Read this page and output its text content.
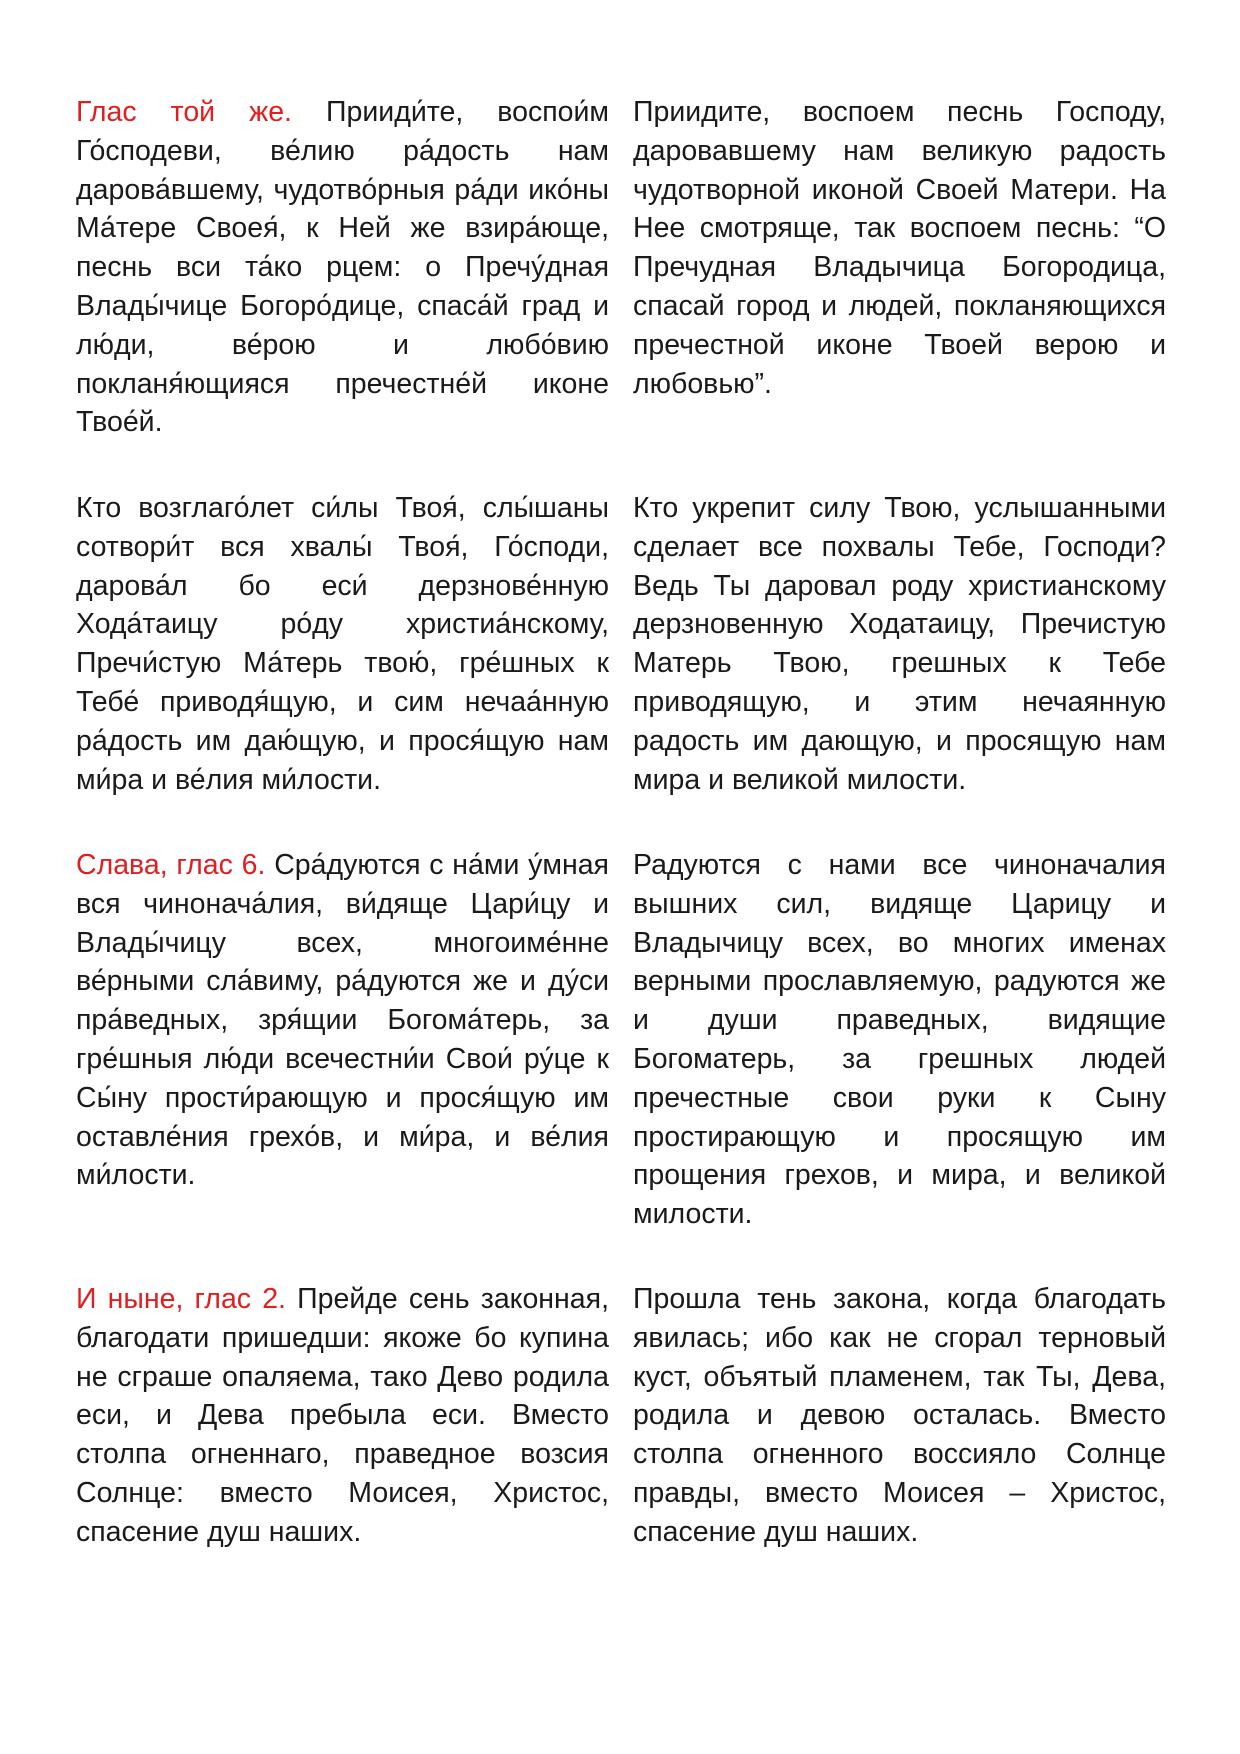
Глас той же. Прииди́те, воспои́м Го́сподеви, ве́лию ра́дость нам дарова́вшему, чудотво́рныя ра́ди ико́ны Ма́тере Своея́, к Ней же взира́юще, песнь вси та́ко рцем: о Пречу́дная Влады́чице Богоро́дице, спаса́й град и лю́ди, ве́рою и любо́вию покланя́ющияся пречестне́й иконе Твое́й.

Приидите, воспоем песнь Господу, даровавшему нам великую радость чудотворной иконой Своей Матери. На Нее смотряще, так воспоем песнь: “О Пречудная Владычица Богородица, спасай город и людей, покланяющихся пречестной иконе Твоей верою и любовью”.

Кто возглаго́лет си́лы Твоя́, слы́шаны сотвори́т вся хвалы́ Твоя́, Го́споди, дарова́л бо еси́ дерзнове́нную Хода́таицу ро́ду христиа́нскому, Пречи́стую Ма́терь твою́, гре́шных к Тебе́ приводя́щую, и сим нечаа́нную ра́дость им даю́щую, и прося́щую нам ми́ра и ве́лия ми́лости.

Кто укрепит силу Твою, услышанными сделает все похвалы Тебе, Господи? Ведь Ты даровал роду христианскому дерзновенную Ходатаицу, Пречистую Матерь Твою, грешных к Тебе приводящую, и этим нечаянную радость им дающую, и просящую нам мира и великой милости.

Слава, глас 6. Сра́дуются с на́ми у́мная вся чинонача́лия, ви́дяще Цари́цу и Влады́чицу всех, многоиме́нне ве́рными сла́виму, ра́дуются же и ду́си пра́ведных, зря́щии Богома́терь, за гре́шныя лю́ди всечестни́и Свои́ ру́це к Сы́ну прости́рающую и прося́щую им оставле́ния грехо́в, и ми́ра, и ве́лия ми́лости.

Радуются с нами все чиноначалия вышних сил, видяще Царицу и Владычицу всех, во многих именах верными прославляемую, радуются же и души праведных, видящие Богоматерь, за грешных людей пречестные свои руки к Сыну простирающую и просящую им прощения грехов, и мира, и великой милости.

И ныне, глас 2. Прейде сень законная, благодати пришедши: якоже бо купина не сграше опаляема, тако Дево родила еси, и Дева пребыла еси. Вместо столпа огненнаго, праведное возсия Солнце: вместо Моисея, Христос, спасение душ наших.

Прошла тень закона, когда благодать явилась; ибо как не сгорал терновый куст, объятый пламенем, так Ты, Дева, родила и девою осталась. Вместо столпа огненного воссияло Солнце правды, вместо Моисея – Христос, спасение душ наших.
